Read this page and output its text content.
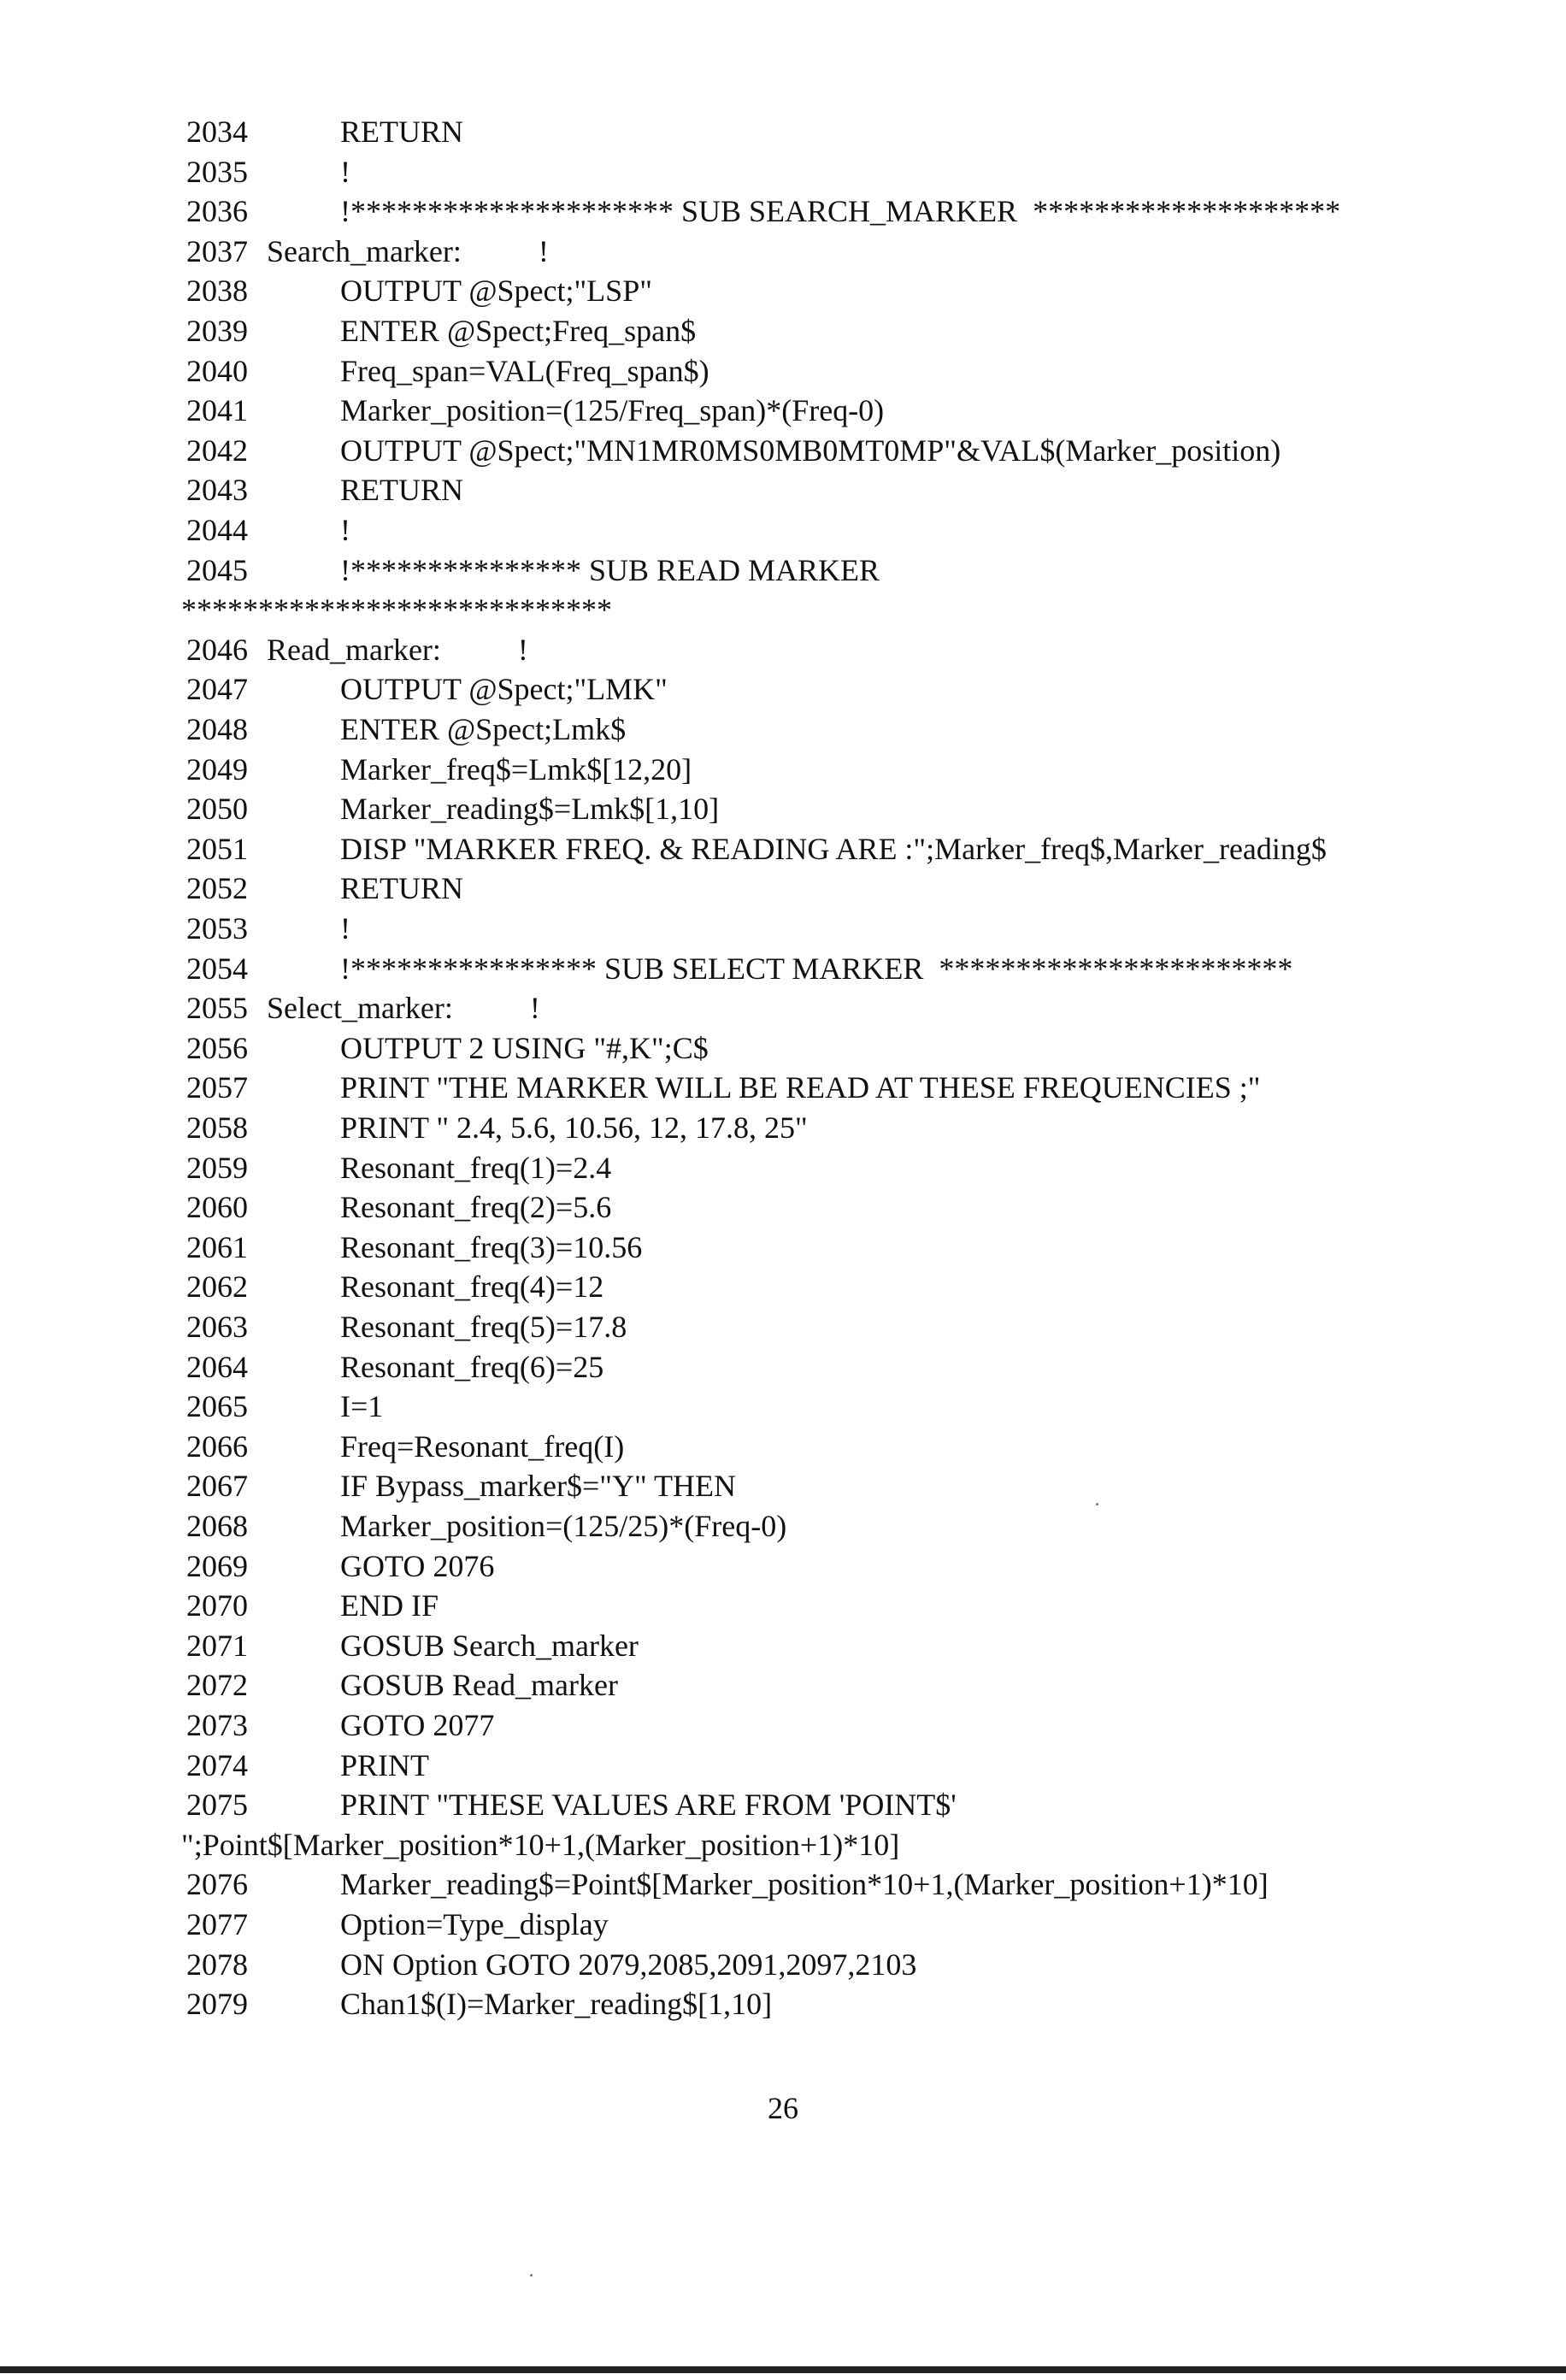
2034	RETURN
2035	!
2036	!********************* SUB SEARCH_MARKER  ********************
2037 Search_marker:          !
2038	OUTPUT @Spect;"LSP"
2039	ENTER @Spect;Freq_span$
2040	Freq_span=VAL(Freq_span$)
2041	Marker_position=(125/Freq_span)*(Freq-0)
2042	OUTPUT @Spect;"MN1MR0MS0MB0MT0MP"&VAL$(Marker_position)
2043	RETURN
2044	!
2045	!*************** SUB READ MARKER
****************************
2046 Read_marker:          !
2047	OUTPUT @Spect;"LMK"
2048	ENTER @Spect;Lmk$
2049	Marker_freq$=Lmk$[12,20]
2050	Marker_reading$=Lmk$[1,10]
2051	DISP "MARKER FREQ. & READING ARE :";Marker_freq$,Marker_reading$
2052	RETURN
2053	!
2054	!**************** SUB SELECT MARKER  ***********************
2055 Select_marker:          !
2056	OUTPUT 2 USING "#,K";C$
2057	PRINT "THE MARKER WILL BE READ AT THESE FREQUENCIES ;"
2058	PRINT " 2.4, 5.6, 10.56, 12, 17.8, 25"
2059	Resonant_freq(1)=2.4
2060	Resonant_freq(2)=5.6
2061	Resonant_freq(3)=10.56
2062	Resonant_freq(4)=12
2063	Resonant_freq(5)=17.8
2064	Resonant_freq(6)=25
2065	I=1
2066	Freq=Resonant_freq(I)
2067	IF Bypass_marker$="Y" THEN
2068	Marker_position=(125/25)*(Freq-0)
2069	GOTO 2076
2070	END IF
2071	GOSUB Search_marker
2072	GOSUB Read_marker
2073	GOTO 2077
2074	PRINT
2075	PRINT "THESE VALUES ARE FROM 'POINT$'
";Point$[Marker_position*10+1,(Marker_position+1)*10]
2076	Marker_reading$=Point$[Marker_position*10+1,(Marker_position+1)*10]
2077	Option=Type_display
2078	ON Option GOTO 2079,2085,2091,2097,2103
2079	Chan1$(I)=Marker_reading$[1,10]
26
